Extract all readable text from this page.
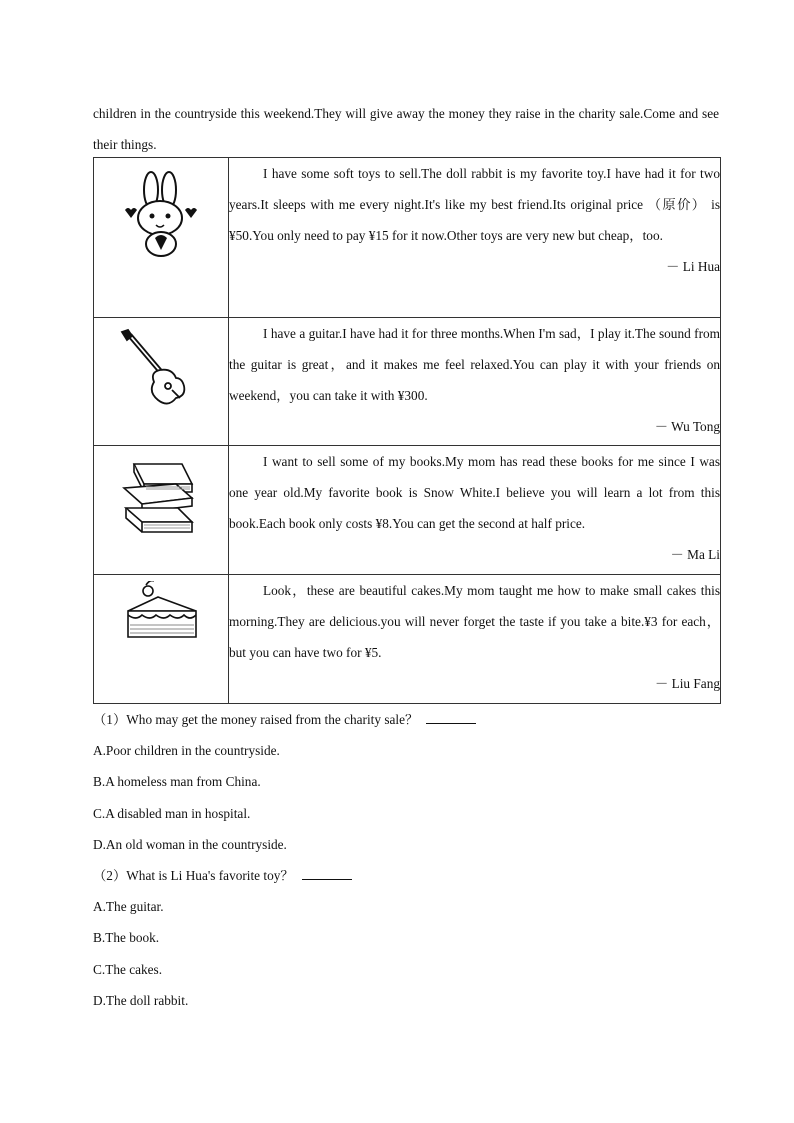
children in the countryside this weekend.They will give away the money they raise in the charity sale.Come and see their things.

I have some soft toys to sell.The doll rabbit is my favorite toy.I have had it for two years.It sleeps with me every night.It's like my best friend.Its original price （原价） is ¥50.You only need to pay ¥15 for it now.Other toys are very new but cheap，too.
－ Li Hua

I have a guitar.I have had it for three months.When I'm sad，I play it.The sound from the guitar is great，and it makes me feel relaxed.You can play it with your friends on weekend，you can take it with ¥300.
－ Wu Tong

I want to sell some of my books.My mom has read these books for me since I was one year old.My favorite book is Snow White.I believe you will learn a lot from this book.Each book only costs ¥8.You can get the second at half price.
－ Ma Li

Look，these are beautiful cakes.My mom taught me how to make small cakes this morning.They are delicious.you will never forget the taste if you take a bite.¥3 for each，but you can have two for ¥5.
－ Liu Fang
（1）Who may get the money raised from the charity sale？
A.Poor children in the countryside.
B.A homeless man from China.
C.A disabled man in hospital.
D.An old woman in the countryside.
（2）What is Li Hua's favorite toy？
A.The guitar.
B.The book.
C.The cakes.
D.The doll rabbit.
